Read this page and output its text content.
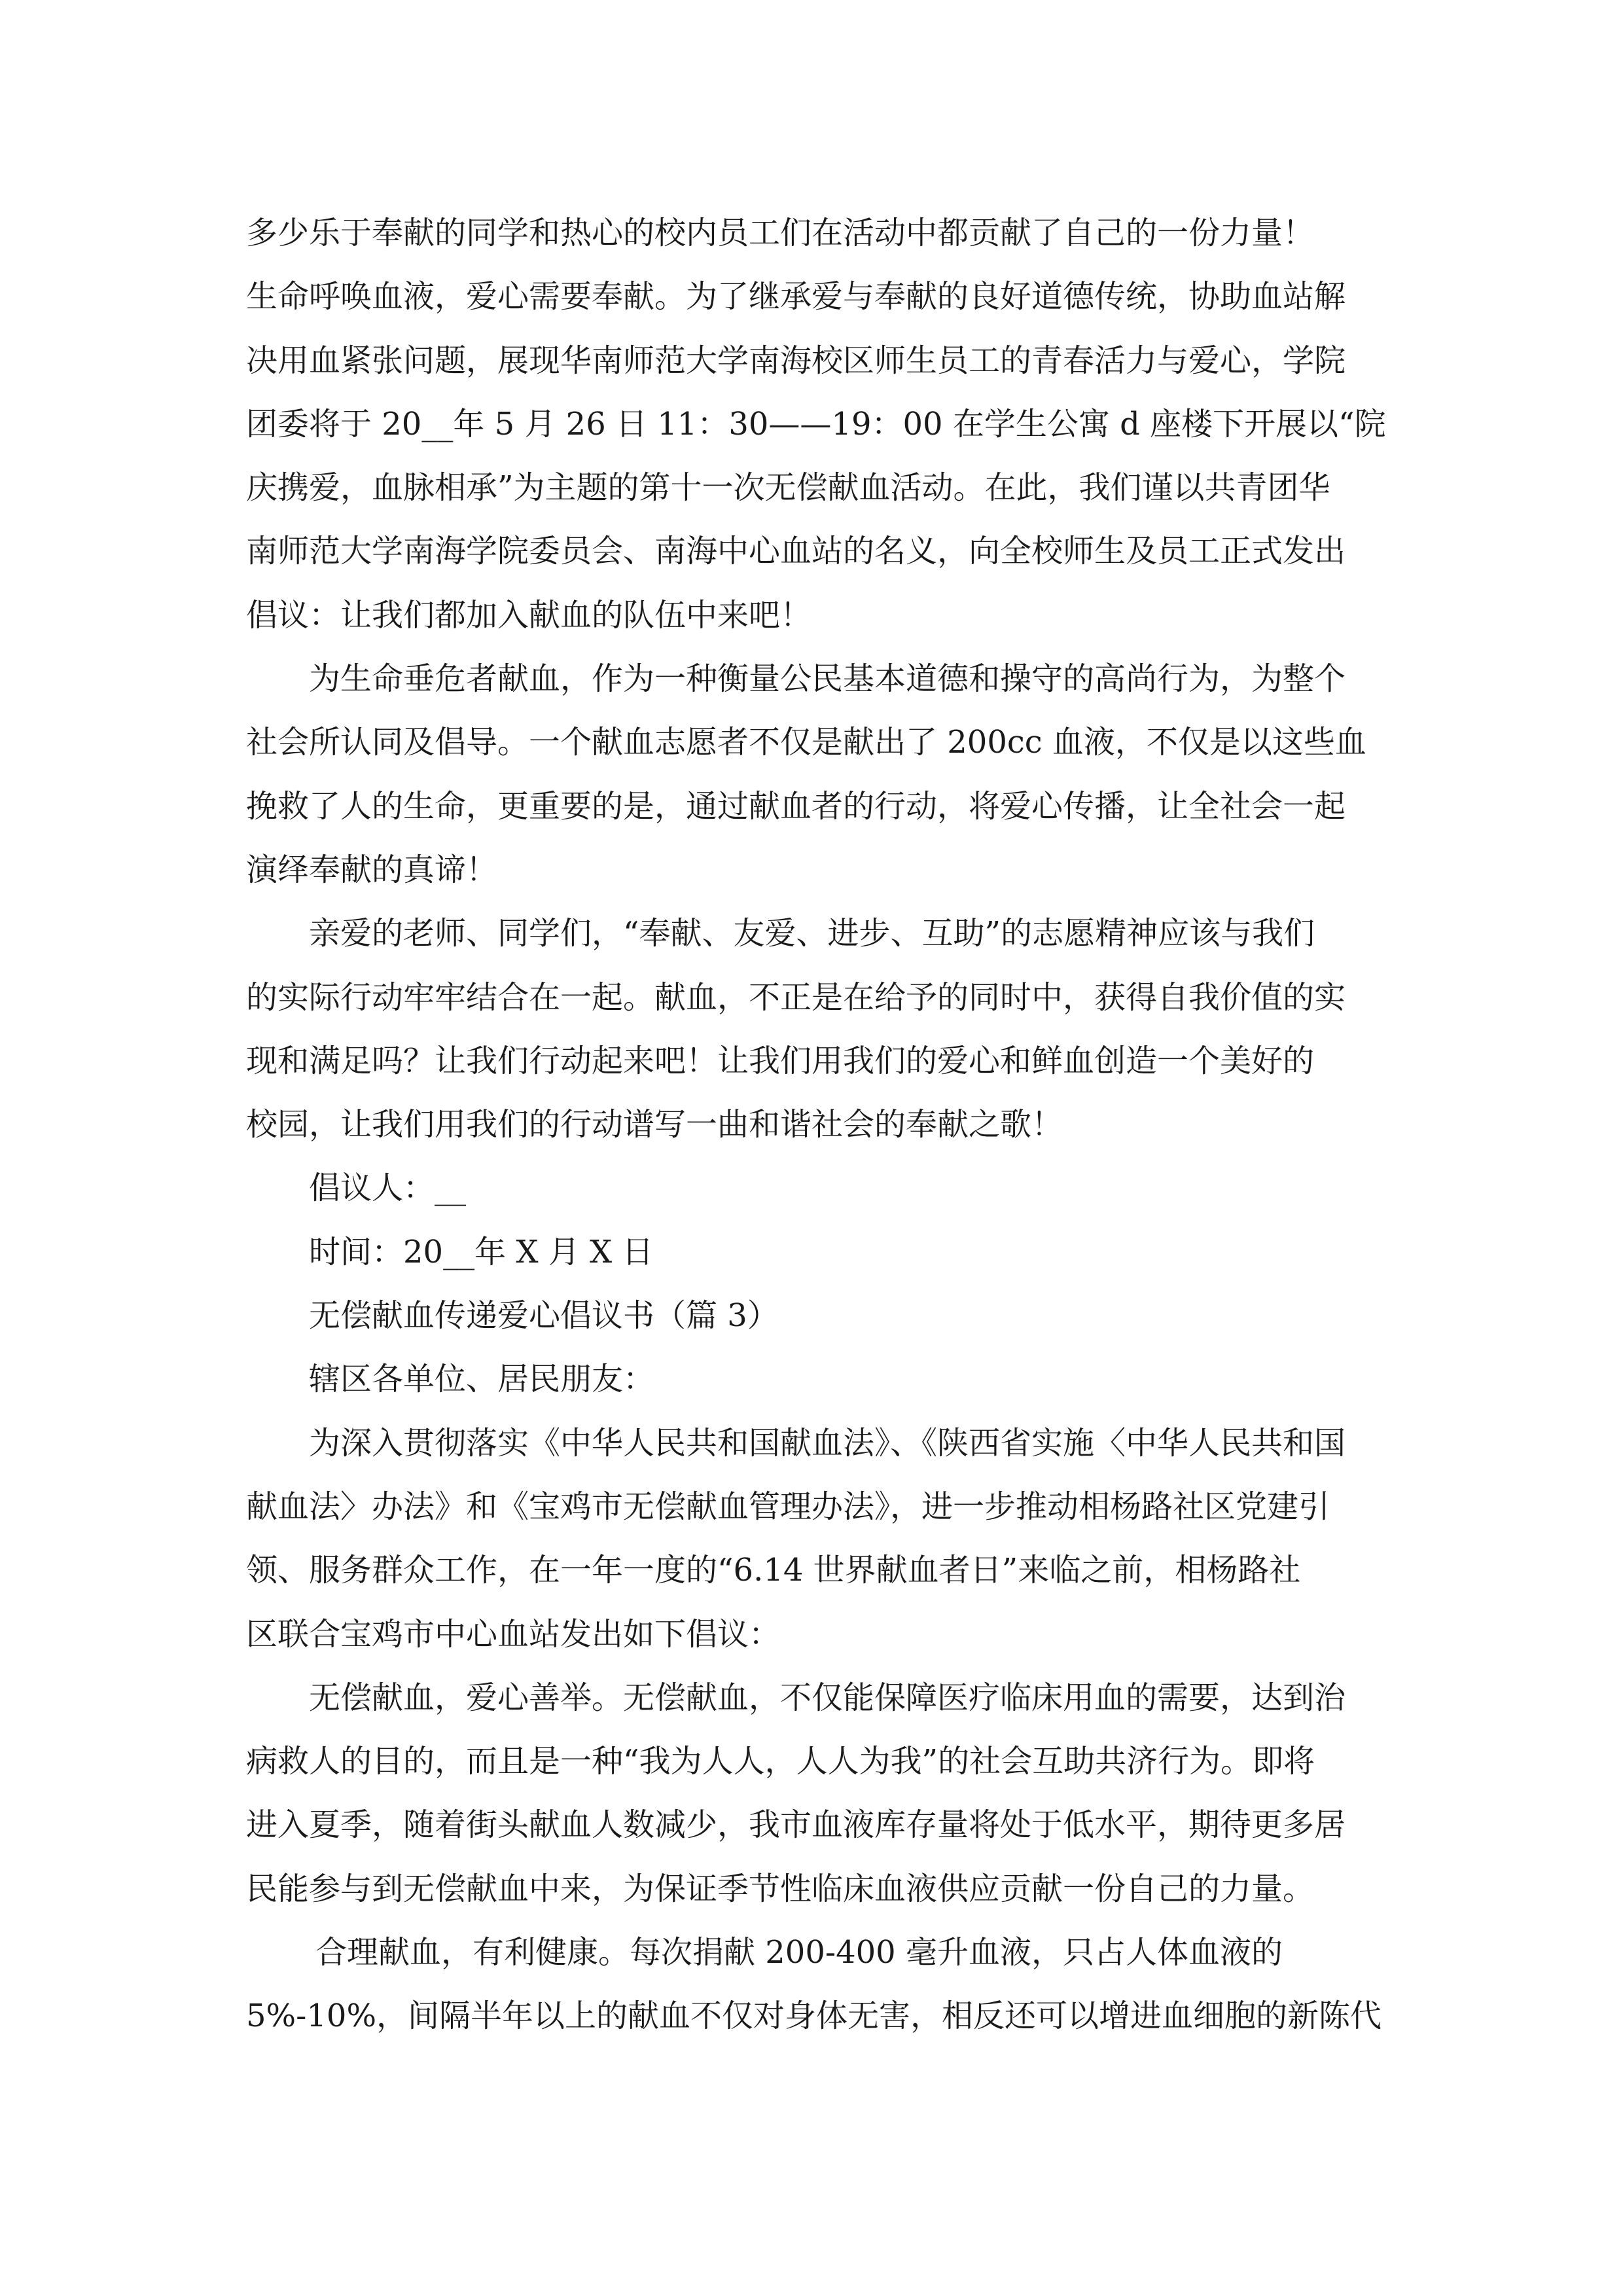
多少乐于奉献的同学和热心的校内员工们在活动中都贡献了自己的一份力量！
生命呼唤血液，爱心需要奉献。为了继承爱与奉献的良好道德传统，协助血站解
决用血紧张问题，展现华南师范大学南海校区师生员工的青春活力与爱心，学院
团委将于 20__年 5 月 26 日 11：30——19：00 在学生公寓 d 座楼下开展以“院
庆携爱，血脉相承”为主题的第十一次无偿献血活动。在此，我们谨以共青团华
南师范大学南海学院委员会、南海中心血站的名义，向全校师生及员工正式发出
倡议：让我们都加入献血的队伍中来吧！
为生命垂危者献血，作为一种衡量公民基本道德和操守的高尚行为，为整个
社会所认同及倡导。一个献血志愿者不仅是献出了 200cc 血液，不仅是以这些血
挽救了人的生命，更重要的是，通过献血者的行动，将爱心传播，让全社会一起
演绎奉献的真谛！
亲爱的老师、同学们，“奉献、友爱、进步、互助”的志愿精神应该与我们
的实际行动牢牢结合在一起。献血，不正是在给予的同时中，获得自我价值的实
现和满足吗？让我们行动起来吧！让我们用我们的爱心和鲜血创造一个美好的
校园，让我们用我们的行动谱写一曲和谐社会的奉献之歌！
倡议人：__
时间：20__年 X 月 X 日
无偿献血传递爱心倡议书（篇 3）
辖区各单位、居民朋友：
为深入贯彻落实《中华人民共和国献血法》、《陕西省实施〈中华人民共和国
献血法〉办法》和《宝鸡市无偿献血管理办法》，进一步推动相杨路社区党建引
领、服务群众工作，在一年一度的“6.14 世界献血者日”来临之前，相杨路社
区联合宝鸡市中心血站发出如下倡议：
无偿献血，爱心善举。无偿献血，不仅能保障医疗临床用血的需要，达到治
病救人的目的，而且是一种“我为人人，人人为我”的社会互助共济行为。即将
进入夏季，随着街头献血人数减少，我市血液库存量将处于低水平，期待更多居
民能参与到无偿献血中来，为保证季节性临床血液供应贡献一份自己的力量。
合理献血，有利健康。每次捐献 200-400 毫升血液，只占人体血液的
5%-10%，间隔半年以上的献血不仅对身体无害，相反还可以增进血细胞的新陈代
